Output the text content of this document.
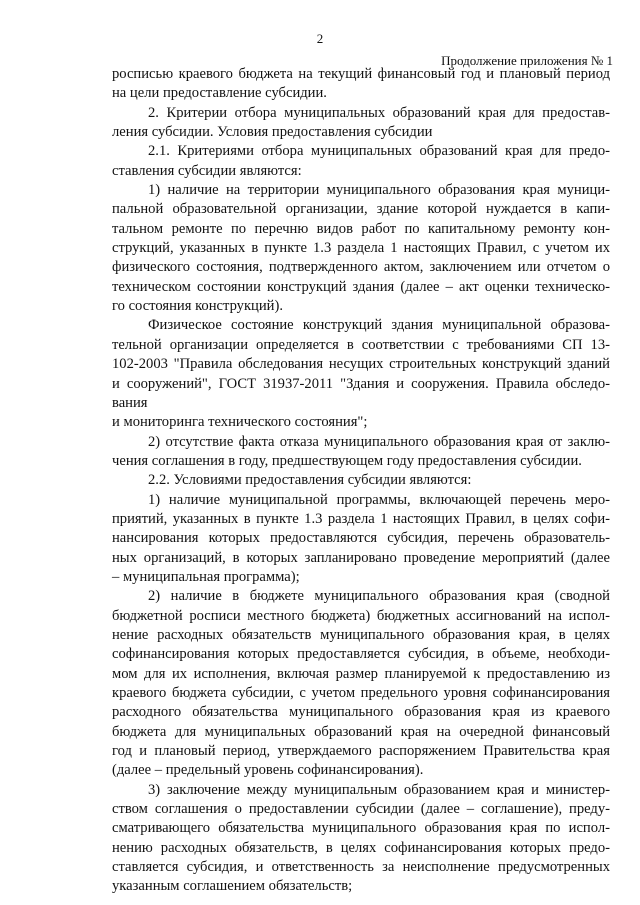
2
Продолжение приложения № 1
росписью краевого бюджета на текущий финансовый год и плановый период
на цели предоставление субсидии.
2. Критерии отбора муниципальных образований края для предостав-
ления субсидии. Условия предоставления субсидии
2.1. Критериями отбора муниципальных образований края для предо-
ставления субсидии являются:
1) наличие на территории муниципального образования края муници-
пальной образовательной организации, здание которой нуждается в капи-
тальном ремонте по перечню видов работ по капитальному ремонту кон-
струкций, указанных в пункте 1.3 раздела 1 настоящих Правил, с учетом их
физического состояния, подтвержденного актом, заключением или отчетом о
техническом состоянии конструкций здания (далее – акт оценки техническо-
го состояния конструкций).
Физическое состояние конструкций здания муниципальной образова-
тельной организации определяется в соответствии с требованиями СП 13-
102-2003 "Правила обследования несущих строительных конструкций зданий
и сооружений", ГОСТ 31937-2011 "Здания и сооружения. Правила обследо-
вания
и мониторинга технического состояния";
2) отсутствие факта отказа муниципального образования края от заклю-
чения соглашения в году, предшествующем году предоставления субсидии.
2.2. Условиями предоставления субсидии являются:
1) наличие муниципальной программы, включающей перечень меро-
приятий, указанных в пункте 1.3 раздела 1 настоящих Правил, в целях софи-
нансирования которых предоставляются субсидия, перечень образователь-
ных организаций, в которых запланировано проведение мероприятий (далее
– муниципальная программа);
2) наличие в бюджете муниципального образования края (сводной
бюджетной росписи местного бюджета) бюджетных ассигнований на испол-
нение расходных обязательств муниципального образования края, в целях
софинансирования которых предоставляется субсидия, в объеме, необходи-
мом для их исполнения, включая размер планируемой к предоставлению из
краевого бюджета субсидии, с учетом предельного уровня софинансирования
расходного обязательства муниципального образования края из краевого
бюджета для муниципальных образований края на очередной финансовый
год и плановый период, утверждаемого распоряжением Правительства края
(далее – предельный уровень софинансирования).
3) заключение между муниципальным образованием края и министер-
ством соглашения о предоставлении субсидии (далее – соглашение), преду-
сматривающего обязательства муниципального образования края по испол-
нению расходных обязательств, в целях софинансирования которых предо-
ставляется субсидия, и ответственность за неисполнение предусмотренных
указанным соглашением обязательств;
